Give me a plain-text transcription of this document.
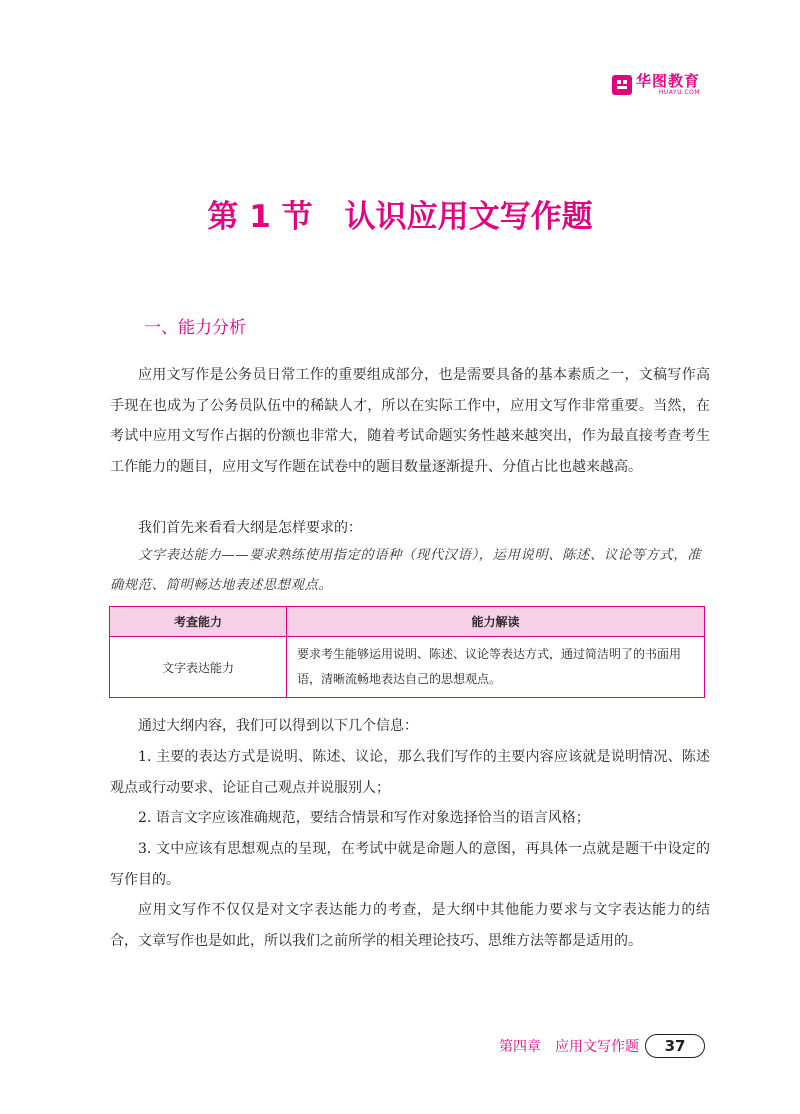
华图教育
HUAYU.COM
第 1 节 认识应用文写作题
一、能力分析

应用文写作是公务员日常工作的重要组成部分，也是需要具备的基本素质之一，文稿写作高手现在也成为了公务员队伍中的稀缺人才，所以在实际工作中，应用文写作非常重要。当然，在考试中应用文写作占据的份额也非常大，随着考试命题实务性越来越突出，作为最直接考查考生工作能力的题目，应用文写作题在试卷中的题目数量逐渐提升、分值占比也越来越高。

我们首先来看看大纲是怎样要求的：

文字表达能力——要求熟练使用指定的语种（现代汉语），运用说明、陈述、议论等方式，准确规范、简明畅达地表述思想观点。

考查能力	能力解读
文字表达能力	要求考生能够运用说明、陈述、议论等表达方式，通过简洁明了的书面用语，清晰流畅地表达自己的思想观点。

通过大纲内容，我们可以得到以下几个信息：

1. 主要的表达方式是说明、陈述、议论，那么我们写作的主要内容应该就是说明情况、陈述观点或行动要求、论证自己观点并说服别人；

2. 语言文字应该准确规范，要结合情景和写作对象选择恰当的语言风格；

3. 文中应该有思想观点的呈现，在考试中就是命题人的意图，再具体一点就是题干中设定的写作目的。

应用文写作不仅仅是对文字表达能力的考查，是大纲中其他能力要求与文字表达能力的结合，文章写作也是如此，所以我们之前所学的相关理论技巧、思维方法等都是适用的。

第四章 应用文写作题	37
